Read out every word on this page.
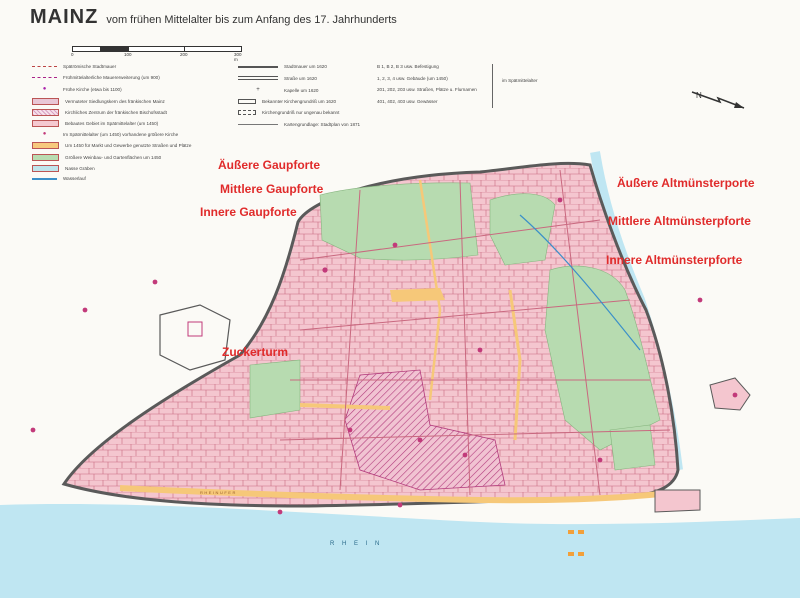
MAINZ vom frühen Mittelalter bis zum Anfang des 17. Jahrhunderts
0	100	200	300 m
Spätrömische Stadtmauer
Frühmittelalterliche Mauererweiterung (um 900)
●	Frühe Kirche (etwa bis 1100)
Vermuteter Siedlungskern des fränkischen Mainz
Kirchliches Zentrum der fränkischen Bischofsstadt
Bebautes Gebiet im Spätmittelalter (um 1450)
●	Im Spätmittelalter (um 1450) vorhandene größere Kirche
Um 1450 für Markt und Gewerbe genutzte Straßen und Plätze
Größere Weinbau- und Gartenflächen um 1450
Nasse Gräben
Wasserlauf
Stadtmauer um 1620
Straße um 1620
+	Kapelle um 1620
Bekannter Kirchengrundriß um 1620
Kirchengrundriß nur ungenau bekannt
Kartengrundlage: Stadtplan von 1871
B 1, B 2, B 3 usw. Befestigung
1, 2, 3, 4 usw. Gebäude (um 1450)
201, 202, 203 usw. Straßen, Plätze u. Flurnamen
401, 402, 403 usw. Gewässer
im Spätmittelalter
N
R H E I N
RHEINUFER
Äußere Gaupforte
Mittlere Gaupforte
Innere Gaupforte
Zuckerturm
Äußere Altmünsterporte
Mittlere Altmünsterpforte
Innere Altmünsterpforte
